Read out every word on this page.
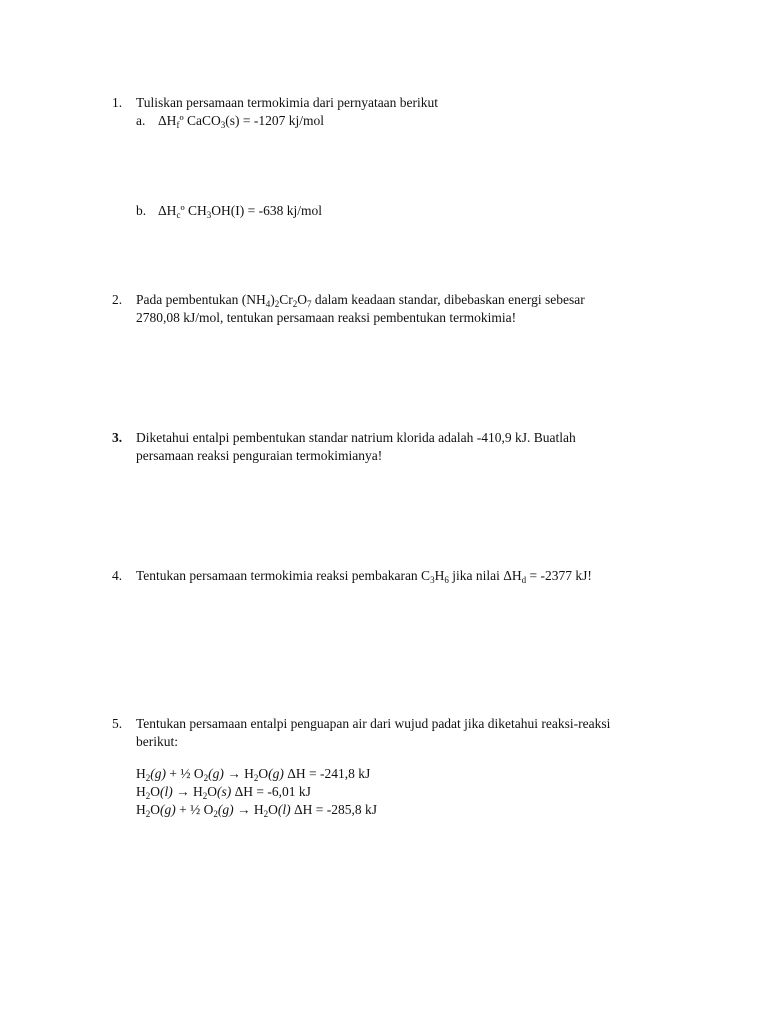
1. Tuliskan persamaan termokimia dari pernyataan berikut
a. $\Delta H_fº$ CaCO$_3$(s) = -1207 kj/mol
b. $\Delta H_cº$ $CH_3OH(I) = -638$ kj/mol
2. Pada pembentukan $(NH_4)_2Cr_2O_7$ dalam keadaan standar, dibebaskan energi sebesar
2780,08 kJ/mol, tentukan persamaan reaksi pembentukan termokimia!
3. Diketahui entalpi pembentukan standar natrium klorida adalah -410,9 kJ. Buatlah
persamaan reaksi penguraian termokimianya!
4. Tentukan persamaan termokimia reaksi pembakaran $C_3H_6$ jika nilai $\Delta H_d = -2377$ kJ!
5. Tentukan persamaan entalpi penguapan air dari wujud padat jika diketahui reaksi-reaksi
berikut:
$H_2(g)$ + ½ $O_2(g) \to H_2O(g) \Delta H = -241,8$ kJ
$H_2O(l) \to H_2O(s) \Delta H = -6,01$ kJ
$H_2O(g)$ + ½ $O_2(g) \to H_2O(l) \Delta H = -285,8$ kJ
